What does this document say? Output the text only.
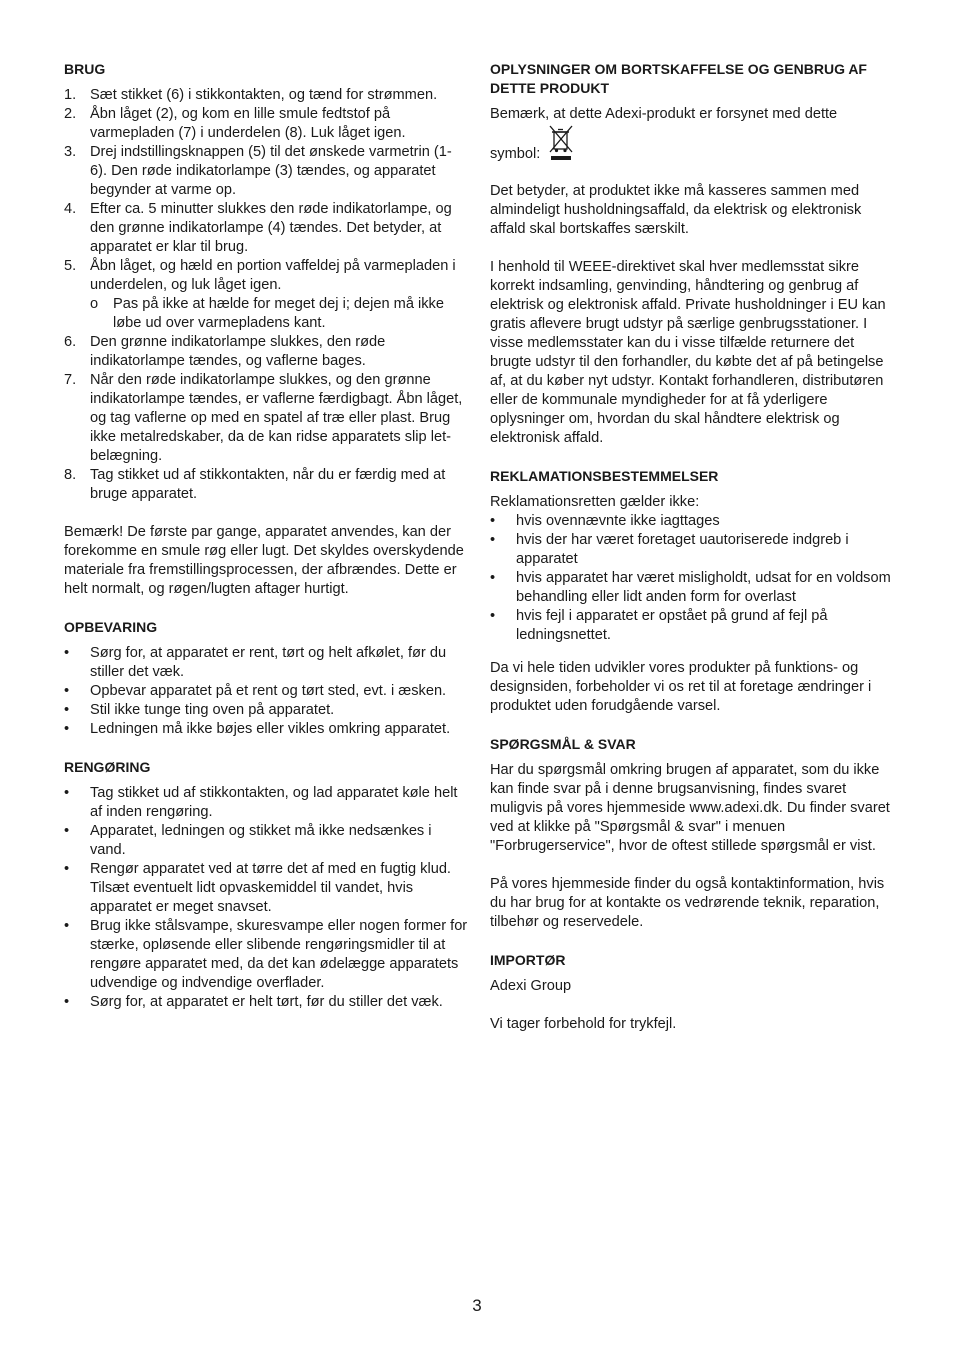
BRUG
1. Sæt stikket (6) i stikkontakten, og tænd for strømmen.
2. Åbn låget (2), og kom en lille smule fedtstof på varmepladen (7) i underdelen (8). Luk låget igen.
3. Drej indstillingsknappen (5) til det ønskede varmetrin (1-6). Den røde indikatorlampe (3) tændes, og apparatet begynder at varme op.
4. Efter ca. 5 minutter slukkes den røde indikatorlampe, og den grønne indikatorlampe (4) tændes. Det betyder, at apparatet er klar til brug.
5. Åbn låget, og hæld en portion vaffeldej på varmepladen i underdelen, og luk låget igen.
o Pas på ikke at hælde for meget dej i; dejen må ikke løbe ud over varmepladens kant.
6. Den grønne indikatorlampe slukkes, den røde indikatorlampe tændes, og vaflerne bages.
7. Når den røde indikatorlampe slukkes, og den grønne indikatorlampe tændes, er vaflerne færdigbagt. Åbn låget, og tag vaflerne op med en spatel af træ eller plast. Brug ikke metalredskaber, da de kan ridse apparatets slip let-belægning.
8. Tag stikket ud af stikkontakten, når du er færdig med at bruge apparatet.

Bemærk! De første par gange, apparatet anvendes, kan der forekomme en smule røg eller lugt. Det skyldes overskydende materiale fra fremstillingsprocessen, der afbrændes. Dette er helt normalt, og røgen/lugten aftager hurtigt.

OPBEVARING
• Sørg for, at apparatet er rent, tørt og helt afkølet, før du stiller det væk.
• Opbevar apparatet på et rent og tørt sted, evt. i æsken.
• Stil ikke tunge ting oven på apparatet.
• Ledningen må ikke bøjes eller vikles omkring apparatet.
RENGØRING
• Tag stikket ud af stikkontakten, og lad apparatet køle helt af inden rengøring.
• Apparatet, ledningen og stikket må ikke nedsænkes i vand.
• Rengør apparatet ved at tørre det af med en fugtig klud. Tilsæt eventuelt lidt opvaskemiddel til vandet, hvis apparatet er meget snavset.
• Brug ikke stålsvampe, skuresvampe eller nogen former for stærke, opløsende eller slibende rengøringsmidler til at rengøre apparatet med, da det kan ødelægge apparatets udvendige og indvendige overflader.
• Sørg for, at apparatet er helt tørt, før du stiller det væk.
OPLYSNINGER OM BORTSKAFFELSE OG GENBRUG AF DETTE PRODUKT

Bemærk, at dette Adexi-produkt er forsynet med dette

symbol:

Det betyder, at produktet ikke må kasseres sammen med almindeligt husholdningsaffald, da elektrisk og elektronisk affald skal bortskaffes særskilt.

I henhold til WEEE-direktivet skal hver medlemsstat sikre korrekt indsamling, genvinding, håndtering og genbrug af elektrisk og elektronisk affald. Private husholdninger i EU kan gratis aflevere brugt udstyr på særlige genbrugsstationer. I visse medlemsstater kan du i visse tilfælde returnere det brugte udstyr til den forhandler, du købte det af på betingelse af, at du køber nyt udstyr. Kontakt forhandleren, distributøren eller de kommunale myndigheder for at få yderligere oplysninger om, hvordan du skal håndtere elektrisk og elektronisk affald.

REKLAMATIONSBESTEMMELSER

Reklamationsretten gælder ikke:

• hvis ovennævnte ikke iagttages
• hvis der har været foretaget uautoriserede indgreb i apparatet
• hvis apparatet har været misligholdt, udsat for en voldsom behandling eller lidt anden form for overlast
• hvis fejl i apparatet er opstået på grund af fejl på ledningsnettet.

Da vi hele tiden udvikler vores produkter på funktions- og designsiden, forbeholder vi os ret til at foretage ændringer i produktet uden forudgående varsel.

SPØRGSMÅL & SVAR

Har du spørgsmål omkring brugen af apparatet, som du ikke kan finde svar på i denne brugsanvisning, findes svaret muligvis på vores hjemmeside www.adexi.dk. Du finder svaret ved at klikke på "Spørgsmål & svar" i menuen "Forbrugerservice", hvor de oftest stillede spørgsmål er vist.

På vores hjemmeside finder du også kontaktinformation, hvis du har brug for at kontakte os vedrørende teknik, reparation, tilbehør og reservedele.

IMPORTØR

Adexi Group

Vi tager forbehold for trykfejl.

3
